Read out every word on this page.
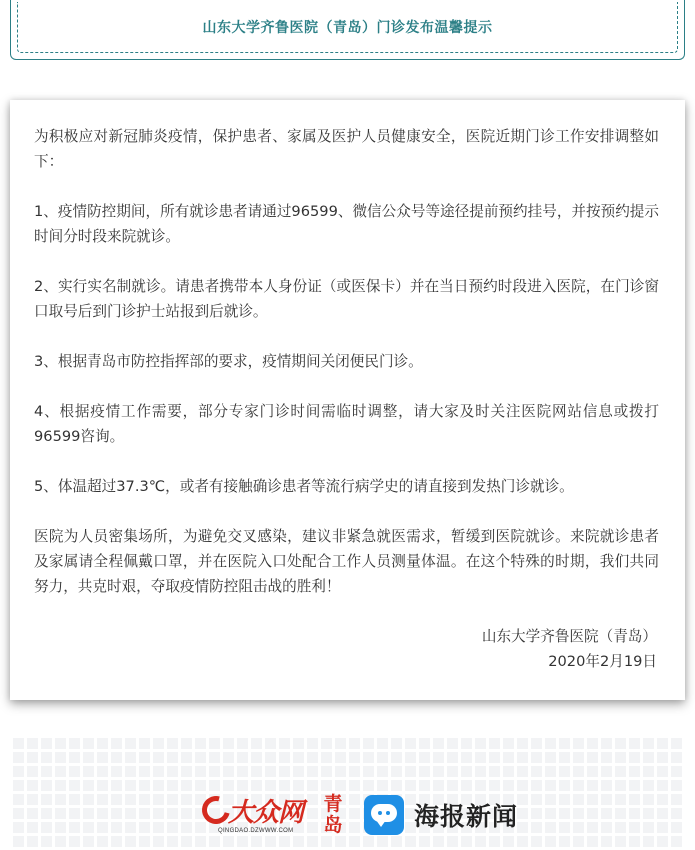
山东大学齐鲁医院（青岛）门诊发布温馨提示

为积极应对新冠肺炎疫情，保护患者、家属及医护人员健康安全，医院近期门诊工作安排调整如下：

1、疫情防控期间，所有就诊患者请通过96599、微信公众号等途径提前预约挂号，并按预约提示时间分时段来院就诊。

2、实行实名制就诊。请患者携带本人身份证（或医保卡）并在当日预约时段进入医院，在门诊窗口取号后到门诊护士站报到后就诊。

3、根据青岛市防控指挥部的要求，疫情期间关闭便民门诊。

4、根据疫情工作需要，部分专家门诊时间需临时调整，请大家及时关注医院网站信息或拨打96599咨询。

5、体温超过37.3℃，或者有接触确诊患者等流行病学史的请直接到发热门诊就诊。

医院为人员密集场所，为避免交叉感染，建议非紧急就医需求，暂缓到医院就诊。来院就诊患者及家属请全程佩戴口罩，并在医院入口处配合工作人员测量体温。在这个特殊的时期，我们共同努力，共克时艰，夺取疫情防控阻击战的胜利！

山东大学齐鲁医院（青岛）
2020年2月19日
大众网
QINGDAO.DZWWW.COM
青
岛	海报新闻
